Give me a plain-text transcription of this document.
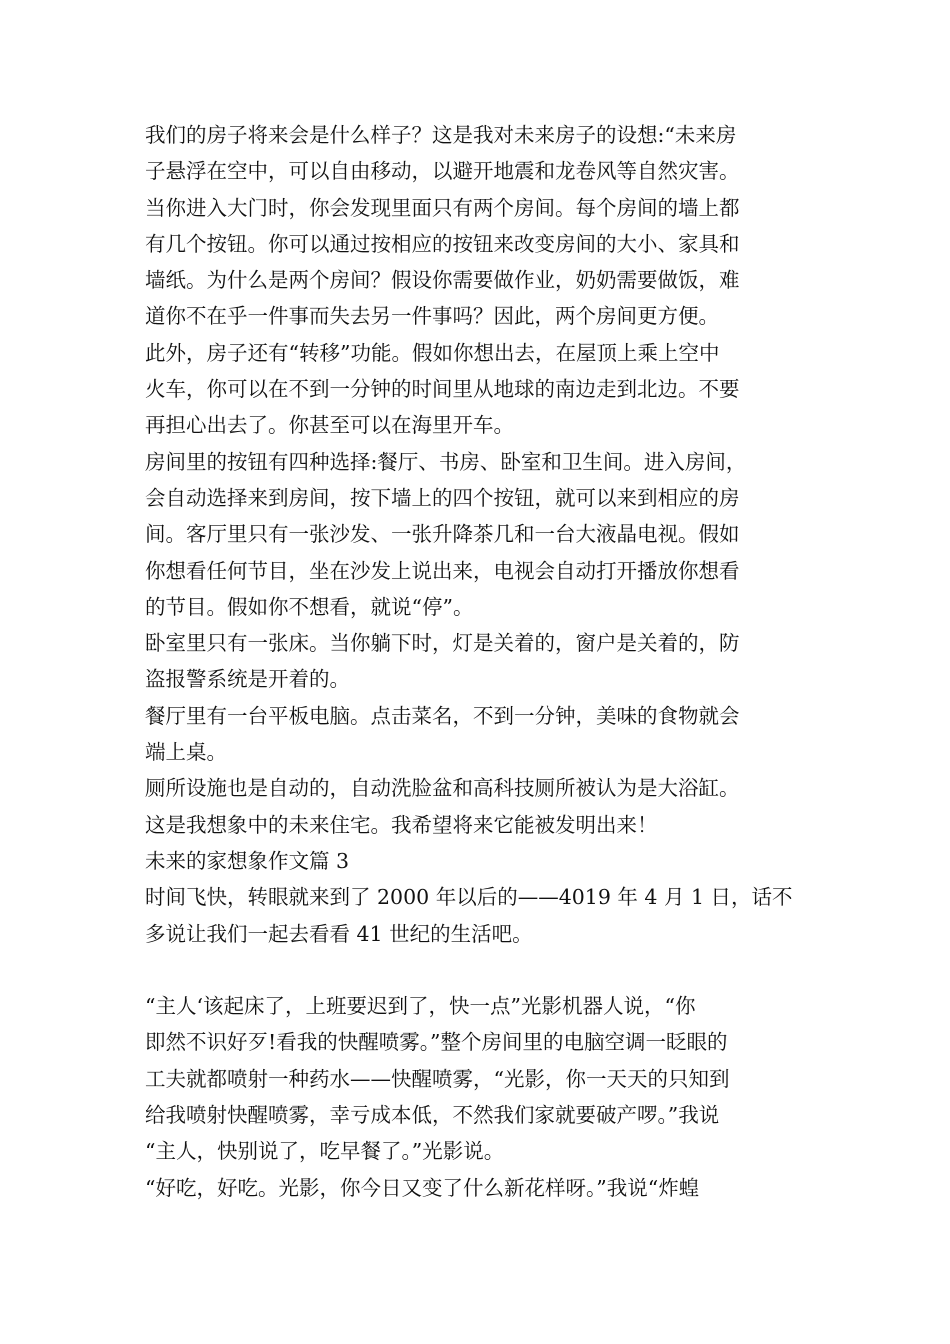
我们的房子将来会是什么样子？这是我对未来房子的设想:“未来房
子悬浮在空中，可以自由移动，以避开地震和龙卷风等自然灾害。
当你进入大门时，你会发现里面只有两个房间。每个房间的墙上都
有几个按钮。你可以通过按相应的按钮来改变房间的大小、家具和
墙纸。为什么是两个房间？假设你需要做作业，奶奶需要做饭，难
道你不在乎一件事而失去另一件事吗？因此，两个房间更方便。
此外，房子还有“转移”功能。假如你想出去，在屋顶上乘上空中
火车，你可以在不到一分钟的时间里从地球的南边走到北边。不要
再担心出去了。你甚至可以在海里开车。
房间里的按钮有四种选择:餐厅、书房、卧室和卫生间。进入房间，
会自动选择来到房间，按下墙上的四个按钮，就可以来到相应的房
间。客厅里只有一张沙发、一张升降茶几和一台大液晶电视。假如
你想看任何节目，坐在沙发上说出来，电视会自动打开播放你想看
的节目。假如你不想看，就说“停”。
卧室里只有一张床。当你躺下时，灯是关着的，窗户是关着的，防
盗报警系统是开着的。
餐厅里有一台平板电脑。点击菜名，不到一分钟，美味的食物就会
端上桌。
厕所设施也是自动的，自动洗脸盆和高科技厕所被认为是大浴缸。
这是我想象中的未来住宅。我希望将来它能被发明出来！
未来的家想象作文篇 3
时间飞快，转眼就来到了 2000 年以后的——4019 年 4 月 1 日，话不
多说让我们一起去看看 41 世纪的生活吧。
“主人‘该起床了，上班要迟到了，快一点”光影机器人说，“你
即然不识好歹!看我的快醒喷雾。”整个房间里的电脑空调一眨眼的
工夫就都喷射一种药水——快醒喷雾，“光影，你一天天的只知到
给我喷射快醒喷雾，幸亏成本低，不然我们家就要破产啰。”我说
“主人，快别说了，吃早餐了。”光影说。
“好吃，好吃。光影，你今日又变了什么新花样呀。”我说“炸蝗
